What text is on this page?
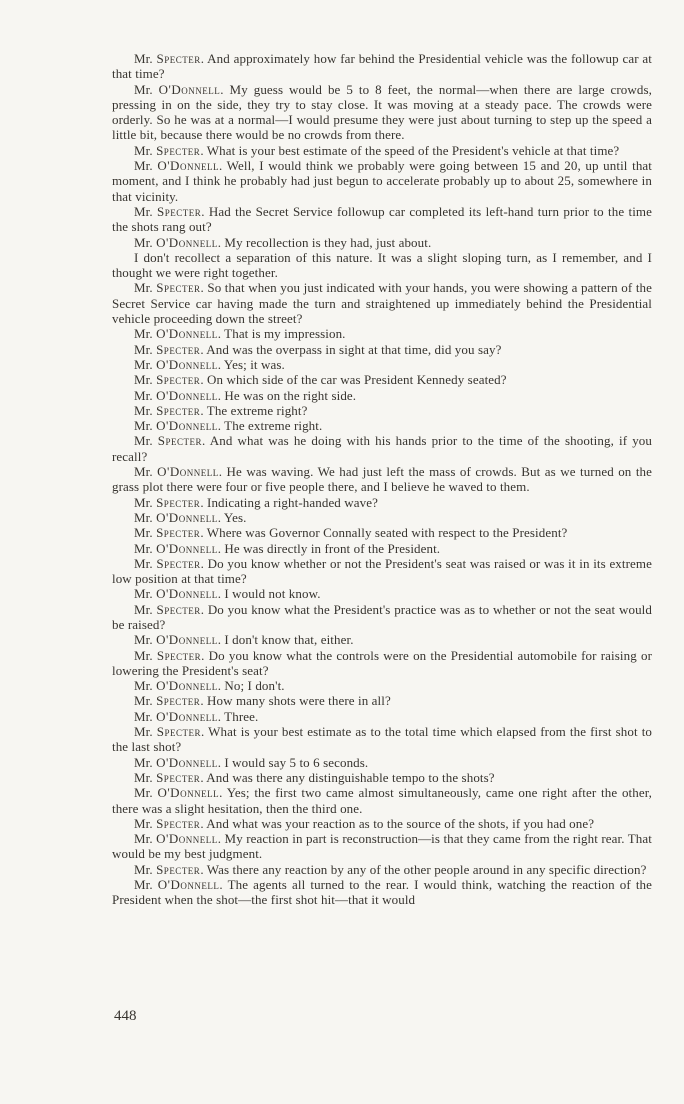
Mr. Specter. And approximately how far behind the Presidential vehicle was the followup car at that time?

Mr. O'Donnell. My guess would be 5 to 8 feet, the normal—when there are large crowds, pressing in on the side, they try to stay close. It was moving at a steady pace. The crowds were orderly. So he was at a normal—I would presume they were just about turning to step up the speed a little bit, because there would be no crowds from there.

Mr. Specter. What is your best estimate of the speed of the President's vehicle at that time?

Mr. O'Donnell. Well, I would think we probably were going between 15 and 20, up until that moment, and I think he probably had just begun to accelerate probably up to about 25, somewhere in that vicinity.

Mr. Specter. Had the Secret Service followup car completed its left-hand turn prior to the time the shots rang out?

Mr. O'Donnell. My recollection is they had, just about.

I don't recollect a separation of this nature. It was a slight sloping turn, as I remember, and I thought we were right together.

Mr. Specter. So that when you just indicated with your hands, you were showing a pattern of the Secret Service car having made the turn and straightened up immediately behind the Presidential vehicle proceeding down the street?

Mr. O'Donnell. That is my impression.

Mr. Specter. And was the overpass in sight at that time, did you say?

Mr. O'Donnell. Yes; it was.

Mr. Specter. On which side of the car was President Kennedy seated?

Mr. O'Donnell. He was on the right side.

Mr. Specter. The extreme right?

Mr. O'Donnell. The extreme right.

Mr. Specter. And what was he doing with his hands prior to the time of the shooting, if you recall?

Mr. O'Donnell. He was waving. We had just left the mass of crowds. But as we turned on the grass plot there were four or five people there, and I believe he waved to them.

Mr. Specter. Indicating a right-handed wave?

Mr. O'Donnell. Yes.

Mr. Specter. Where was Governor Connally seated with respect to the President?

Mr. O'Donnell. He was directly in front of the President.

Mr. Specter. Do you know whether or not the President's seat was raised or was it in its extreme low position at that time?

Mr. O'Donnell. I would not know.

Mr. Specter. Do you know what the President's practice was as to whether or not the seat would be raised?

Mr. O'Donnell. I don't know that, either.

Mr. Specter. Do you know what the controls were on the Presidential automobile for raising or lowering the President's seat?

Mr. O'Donnell. No; I don't.

Mr. Specter. How many shots were there in all?

Mr. O'Donnell. Three.

Mr. Specter. What is your best estimate as to the total time which elapsed from the first shot to the last shot?

Mr. O'Donnell. I would say 5 to 6 seconds.

Mr. Specter. And was there any distinguishable tempo to the shots?

Mr. O'Donnell. Yes; the first two came almost simultaneously, came one right after the other, there was a slight hesitation, then the third one.

Mr. Specter. And what was your reaction as to the source of the shots, if you had one?

Mr. O'Donnell. My reaction in part is reconstruction—is that they came from the right rear. That would be my best judgment.

Mr. Specter. Was there any reaction by any of the other people around in any specific direction?

Mr. O'Donnell. The agents all turned to the rear. I would think, watching the reaction of the President when the shot—the first shot hit—that it would

448
